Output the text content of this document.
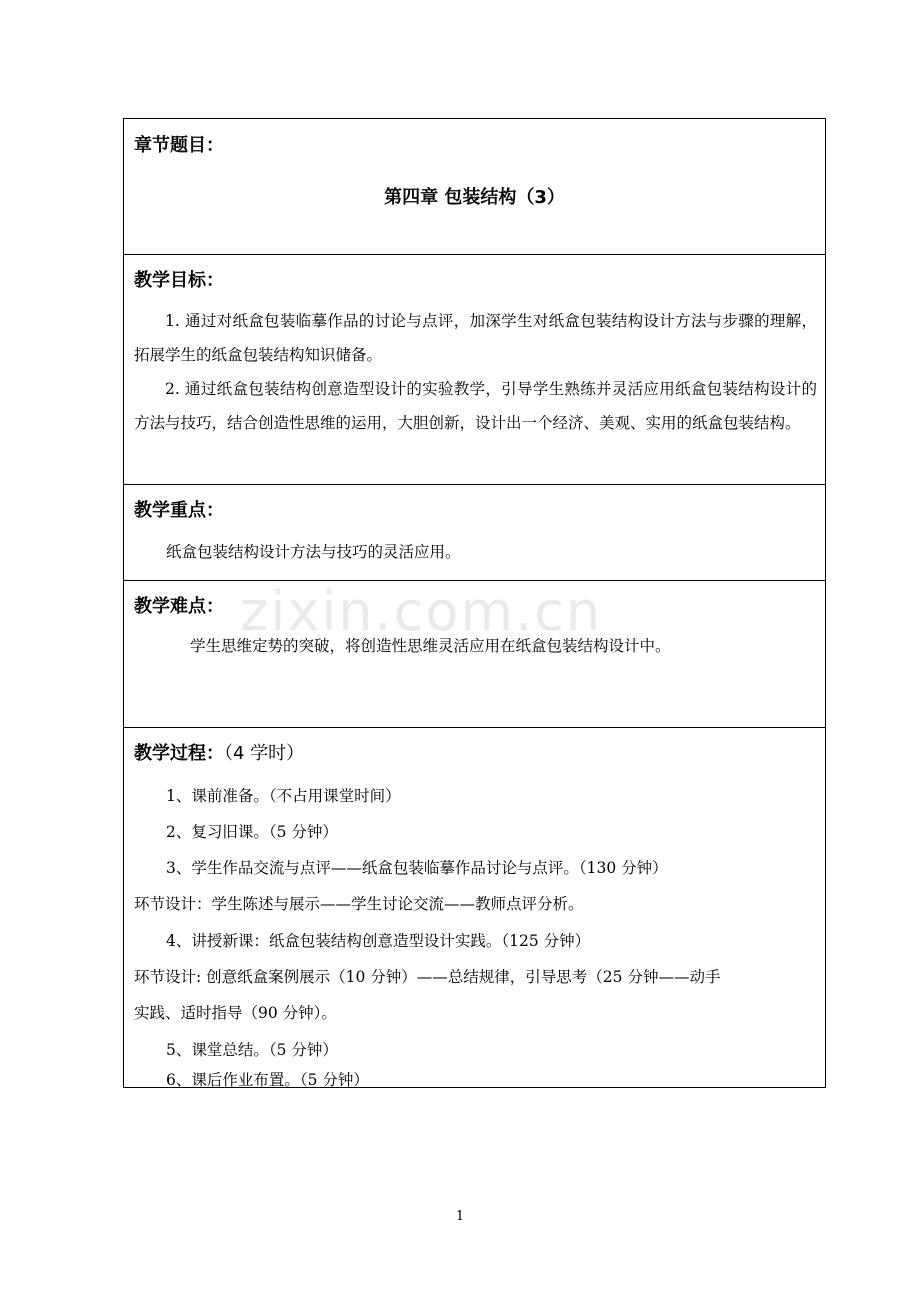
章节题目：
第四章 包装结构（3）
教学目标：
1. 通过对纸盒包装临摹作品的讨论与点评，加深学生对纸盒包装结构设计方法与步骤的理解，拓展学生的纸盒包装结构知识储备。
2. 通过纸盒包装结构创意造型设计的实验教学，引导学生熟练并灵活应用纸盒包装结构设计的方法与技巧，结合创造性思维的运用，大胆创新，设计出一个经济、美观、实用的纸盒包装结构。
教学重点：
纸盒包装结构设计方法与技巧的灵活应用。
教学难点：
学生思维定势的突破，将创造性思维灵活应用在纸盒包装结构设计中。
教学过程：（4 学时）
1、课前准备。（不占用课堂时间）
2、复习旧课。（5 分钟）
3、学生作品交流与点评——纸盒包装临摹作品讨论与点评。（130 分钟）
环节设计：学生陈述与展示——学生讨论交流——教师点评分析。
4、讲授新课：纸盒包装结构创意造型设计实践。（125 分钟）
环节设计: 创意纸盒案例展示（10 分钟）——总结规律，引导思考（25 分钟——动手
实践、适时指导（90 分钟）。
5、课堂总结。（5 分钟）
6、课后作业布置。（5 分钟）
zixin.com.cn
1
